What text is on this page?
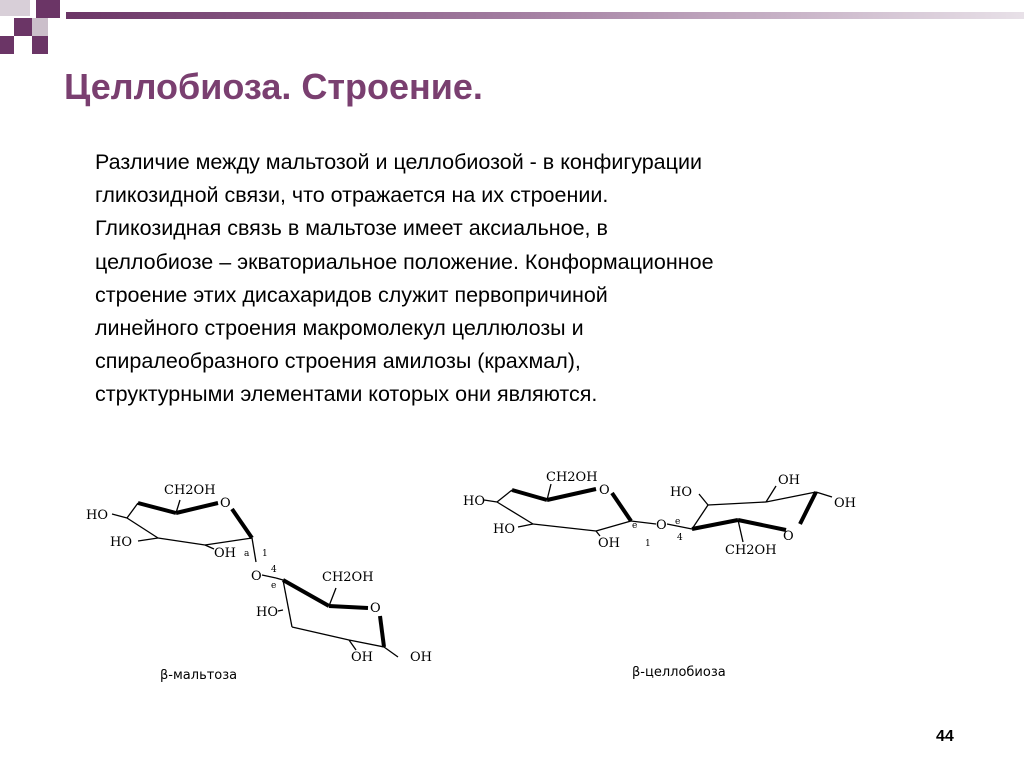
Целлобиоза. Строение.
Различие между мальтозой и целлобиозой - в конфигурации
гликозидной связи, что отражается на их строении.
Гликозидная связь в мальтозе имеет аксиальное, в
целлобиозе – экваториальное положение. Конформационное
строение этих дисахаридов служит первопричиной
линейного строения макромолекул целлюлозы и
спиралеобразного строения амилозы (крахмал),
структурными элементами которых они являются.
CH2OH
O
HO
HO
OH a 1
O 4
e
CH2OH
HO	O
OH	OH
β-мальтоза
CH2OH
O
HO
HO
OH
e
1
O e
4
HO
OH
OH
O
CH2OH
β-целлобиоза
44
